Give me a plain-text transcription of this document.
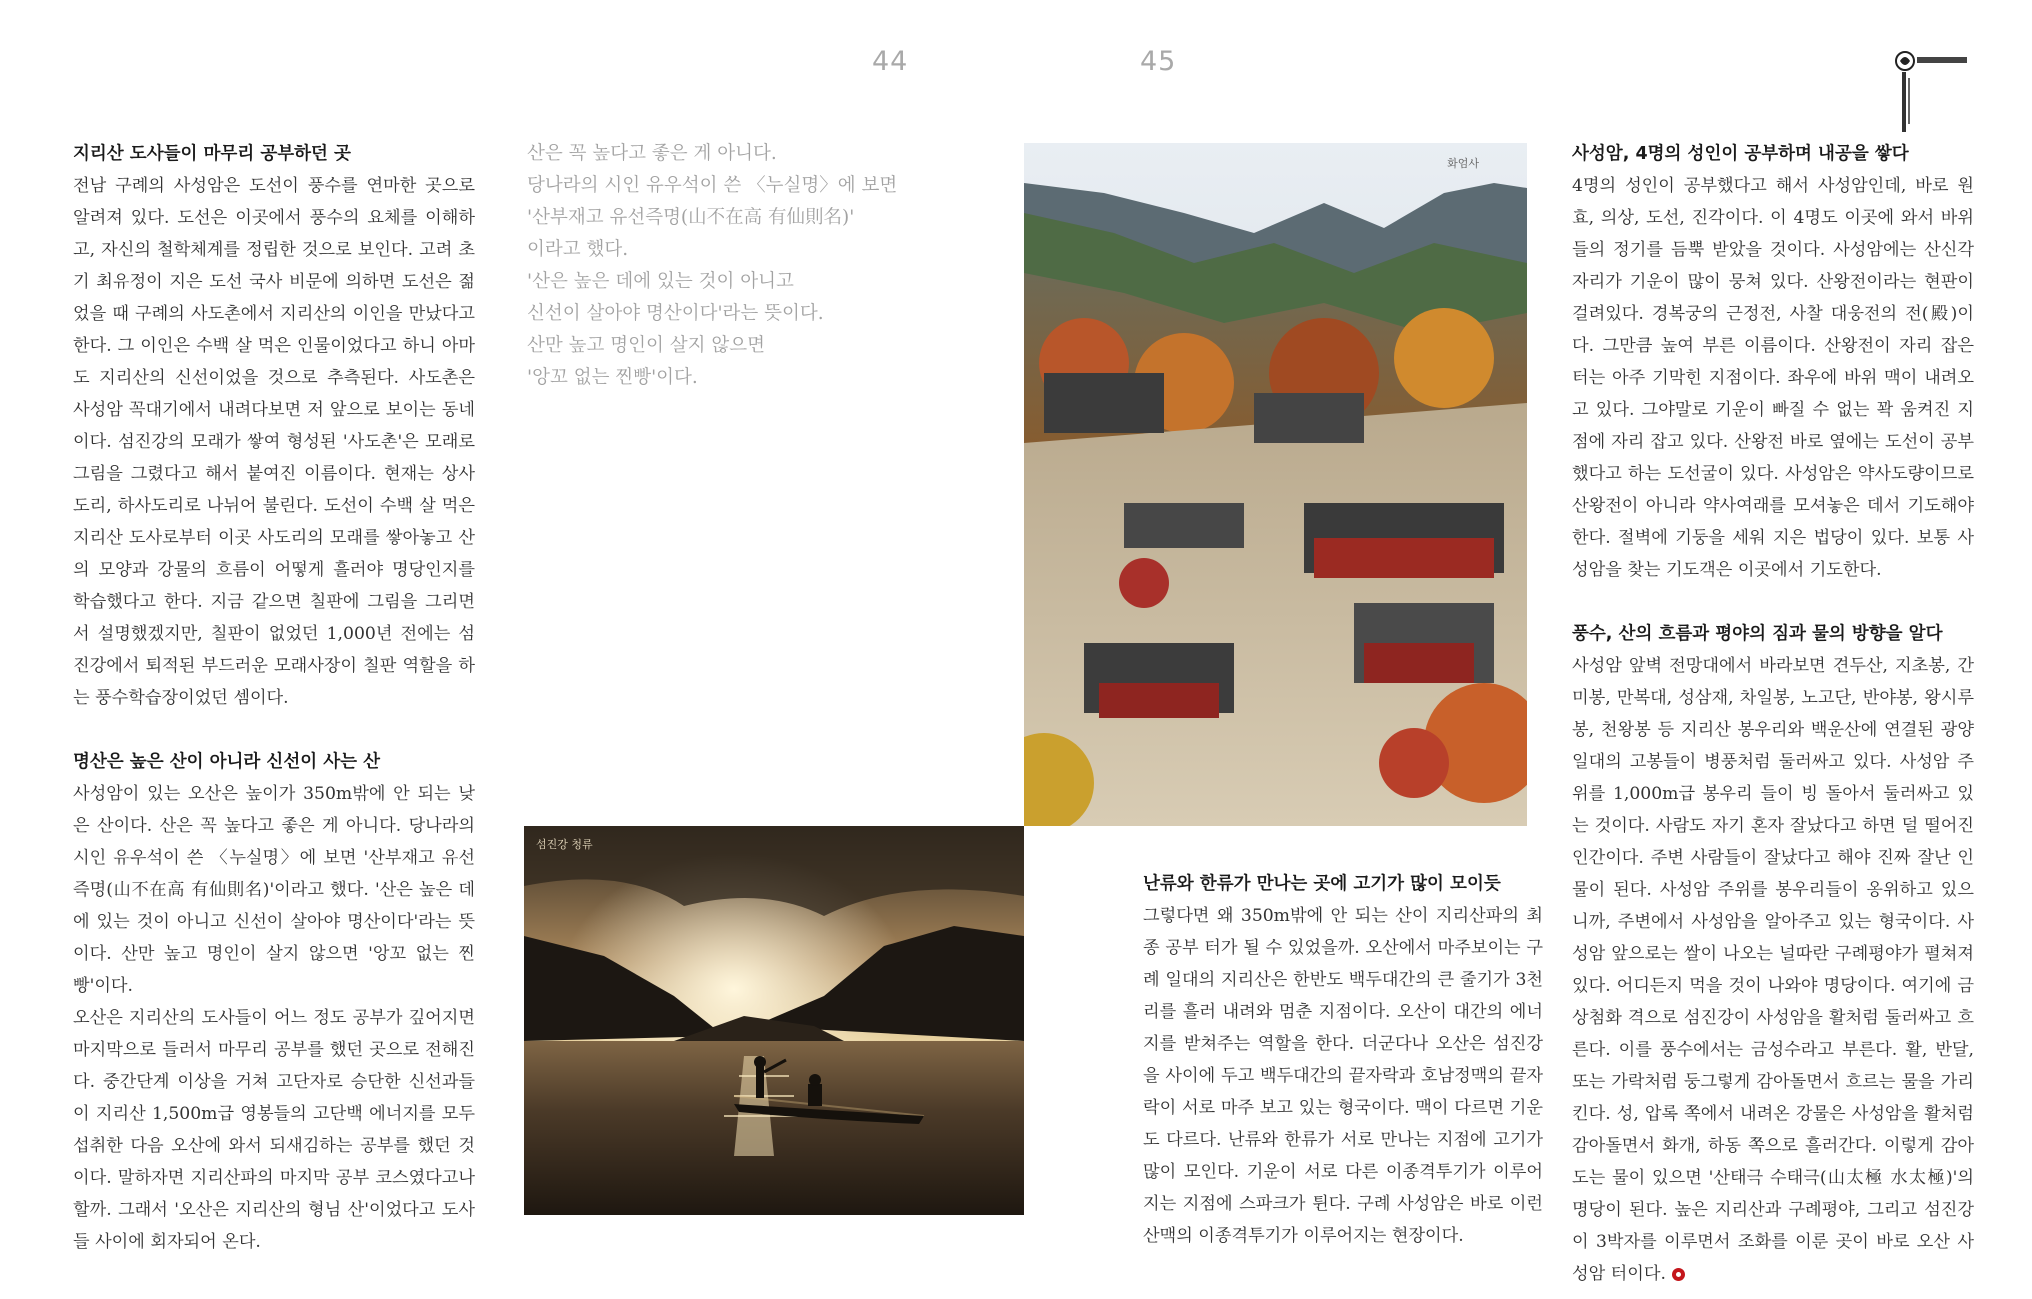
44	45
지리산 도사들이 마무리 공부하던 곳

전남 구례의 사성암은 도선이 풍수를 연마한 곳으로 알려져 있다. 도선은 이곳에서 풍수의 요체를 이해하고, 자신의 철학체계를 정립한 것으로 보인다. 고려 초기 최유정이 지은 도선 국사 비문에 의하면 도선은 젊었을 때 구례의 사도촌에서 지리산의 이인을 만났다고 한다. 그 이인은 수백 살 먹은 인물이었다고 하니 아마도 지리산의 신선이었을 것으로 추측된다. 사도촌은 사성암 꼭대기에서 내려다보면 저 앞으로 보이는 동네이다. 섬진강의 모래가 쌓여 형성된 '사도촌'은 모래로 그림을 그렸다고 해서 붙여진 이름이다. 현재는 상사도리, 하사도리로 나뉘어 불린다. 도선이 수백 살 먹은 지리산 도사로부터 이곳 사도리의 모래를 쌓아놓고 산의 모양과 강물의 흐름이 어떻게 흘러야 명당인지를 학습했다고 한다. 지금 같으면 칠판에 그림을 그리면서 설명했겠지만, 칠판이 없었던 1,000년 전에는 섬진강에서 퇴적된 부드러운 모래사장이 칠판 역할을 하는 풍수학습장이었던 셈이다.

명산은 높은 산이 아니라 신선이 사는 산

사성암이 있는 오산은 높이가 350m밖에 안 되는 낮은 산이다. 산은 꼭 높다고 좋은 게 아니다. 당나라의 시인 유우석이 쓴 〈누실명〉에 보면 '산부재고 유선즉명(山不在高 有仙則名)'이라고 했다. '산은 높은 데에 있는 것이 아니고 신선이 살아야 명산이다'라는 뜻이다. 산만 높고 명인이 살지 않으면 '앙꼬 없는 찐빵'이다.

오산은 지리산의 도사들이 어느 정도 공부가 깊어지면 마지막으로 들러서 마무리 공부를 했던 곳으로 전해진다. 중간단계 이상을 거쳐 고단자로 승단한 신선과들이 지리산 1,500m급 영봉들의 고단백 에너지를 모두 섭취한 다음 오산에 와서 되새김하는 공부를 했던 것이다. 말하자면 지리산파의 마지막 공부 코스였다고나 할까. 그래서 '오산은 지리산의 형님 산'이었다고 도사들 사이에 회자되어 온다.

산은 꼭 높다고 좋은 게 아니다.
당나라의 시인 유우석이 쓴 〈누실명〉에 보면
'산부재고 유선즉명(山不在高 有仙則名)'
이라고 했다.
'산은 높은 데에 있는 것이 아니고
신선이 살아야 명산이다'라는 뜻이다.
산만 높고 명인이 살지 않으면
'앙꼬 없는 찐빵'이다.
화엄사
섬진강 청류
난류와 한류가 만나는 곳에 고기가 많이 모이듯

그렇다면 왜 350m밖에 안 되는 산이 지리산파의 최종 공부 터가 될 수 있었을까. 오산에서 마주보이는 구례 일대의 지리산은 한반도 백두대간의 큰 줄기가 3천리를 흘러 내려와 멈춘 지점이다. 오산이 대간의 에너지를 받쳐주는 역할을 한다. 더군다나 오산은 섬진강을 사이에 두고 백두대간의 끝자락과 호남정맥의 끝자락이 서로 마주 보고 있는 형국이다. 맥이 다르면 기운도 다르다. 난류와 한류가 서로 만나는 지점에 고기가 많이 모인다. 기운이 서로 다른 이종격투기가 이루어지는 지점에 스파크가 튄다. 구례 사성암은 바로 이런 산맥의 이종격투기가 이루어지는 현장이다.

사성암, 4명의 성인이 공부하며 내공을 쌓다

4명의 성인이 공부했다고 해서 사성암인데, 바로 원효, 의상, 도선, 진각이다. 이 4명도 이곳에 와서 바위들의 정기를 듬뿍 받았을 것이다. 사성암에는 산신각 자리가 기운이 많이 뭉쳐 있다. 산왕전이라는 현판이 걸려있다. 경복궁의 근정전, 사찰 대웅전의 전(殿)이다. 그만큼 높여 부른 이름이다. 산왕전이 자리 잡은 터는 아주 기막힌 지점이다. 좌우에 바위 맥이 내려오고 있다. 그야말로 기운이 빠질 수 없는 꽉 움켜진 지점에 자리 잡고 있다. 산왕전 바로 옆에는 도선이 공부했다고 하는 도선굴이 있다. 사성암은 약사도량이므로 산왕전이 아니라 약사여래를 모셔놓은 데서 기도해야 한다. 절벽에 기둥을 세워 지은 법당이 있다. 보통 사성암을 찾는 기도객은 이곳에서 기도한다.

풍수, 산의 흐름과 평야의 짐과 물의 방향을 알다

사성암 앞벽 전망대에서 바라보면 견두산, 지초봉, 간미봉, 만복대, 성삼재, 차일봉, 노고단, 반야봉, 왕시루봉, 천왕봉 등 지리산 봉우리와 백운산에 연결된 광양 일대의 고봉들이 병풍처럼 둘러싸고 있다. 사성암 주위를 1,000m급 봉우리 들이 빙 돌아서 둘러싸고 있는 것이다. 사람도 자기 혼자 잘났다고 하면 덜 떨어진 인간이다. 주변 사람들이 잘났다고 해야 진짜 잘난 인물이 된다. 사성암 주위를 봉우리들이 옹위하고 있으니까, 주변에서 사성암을 알아주고 있는 형국이다. 사성암 앞으로는 쌀이 나오는 널따란 구례평야가 펼쳐져 있다. 어디든지 먹을 것이 나와야 명당이다. 여기에 금상첨화 격으로 섬진강이 사성암을 활처럼 둘러싸고 흐른다. 이를 풍수에서는 금성수라고 부른다. 활, 반달, 또는 가락처럼 둥그렇게 감아돌면서 흐르는 물을 가리킨다. 성, 압록 쪽에서 내려온 강물은 사성암을 활처럼 감아돌면서 화개, 하동 쪽으로 흘러간다. 이렇게 감아도는 물이 있으면 '산태극 수태극(山太極 水太極)'의 명당이 된다. 높은 지리산과 구례평야, 그리고 섬진강이 3박자를 이루면서 조화를 이룬 곳이 바로 오산 사성암 터이다.
